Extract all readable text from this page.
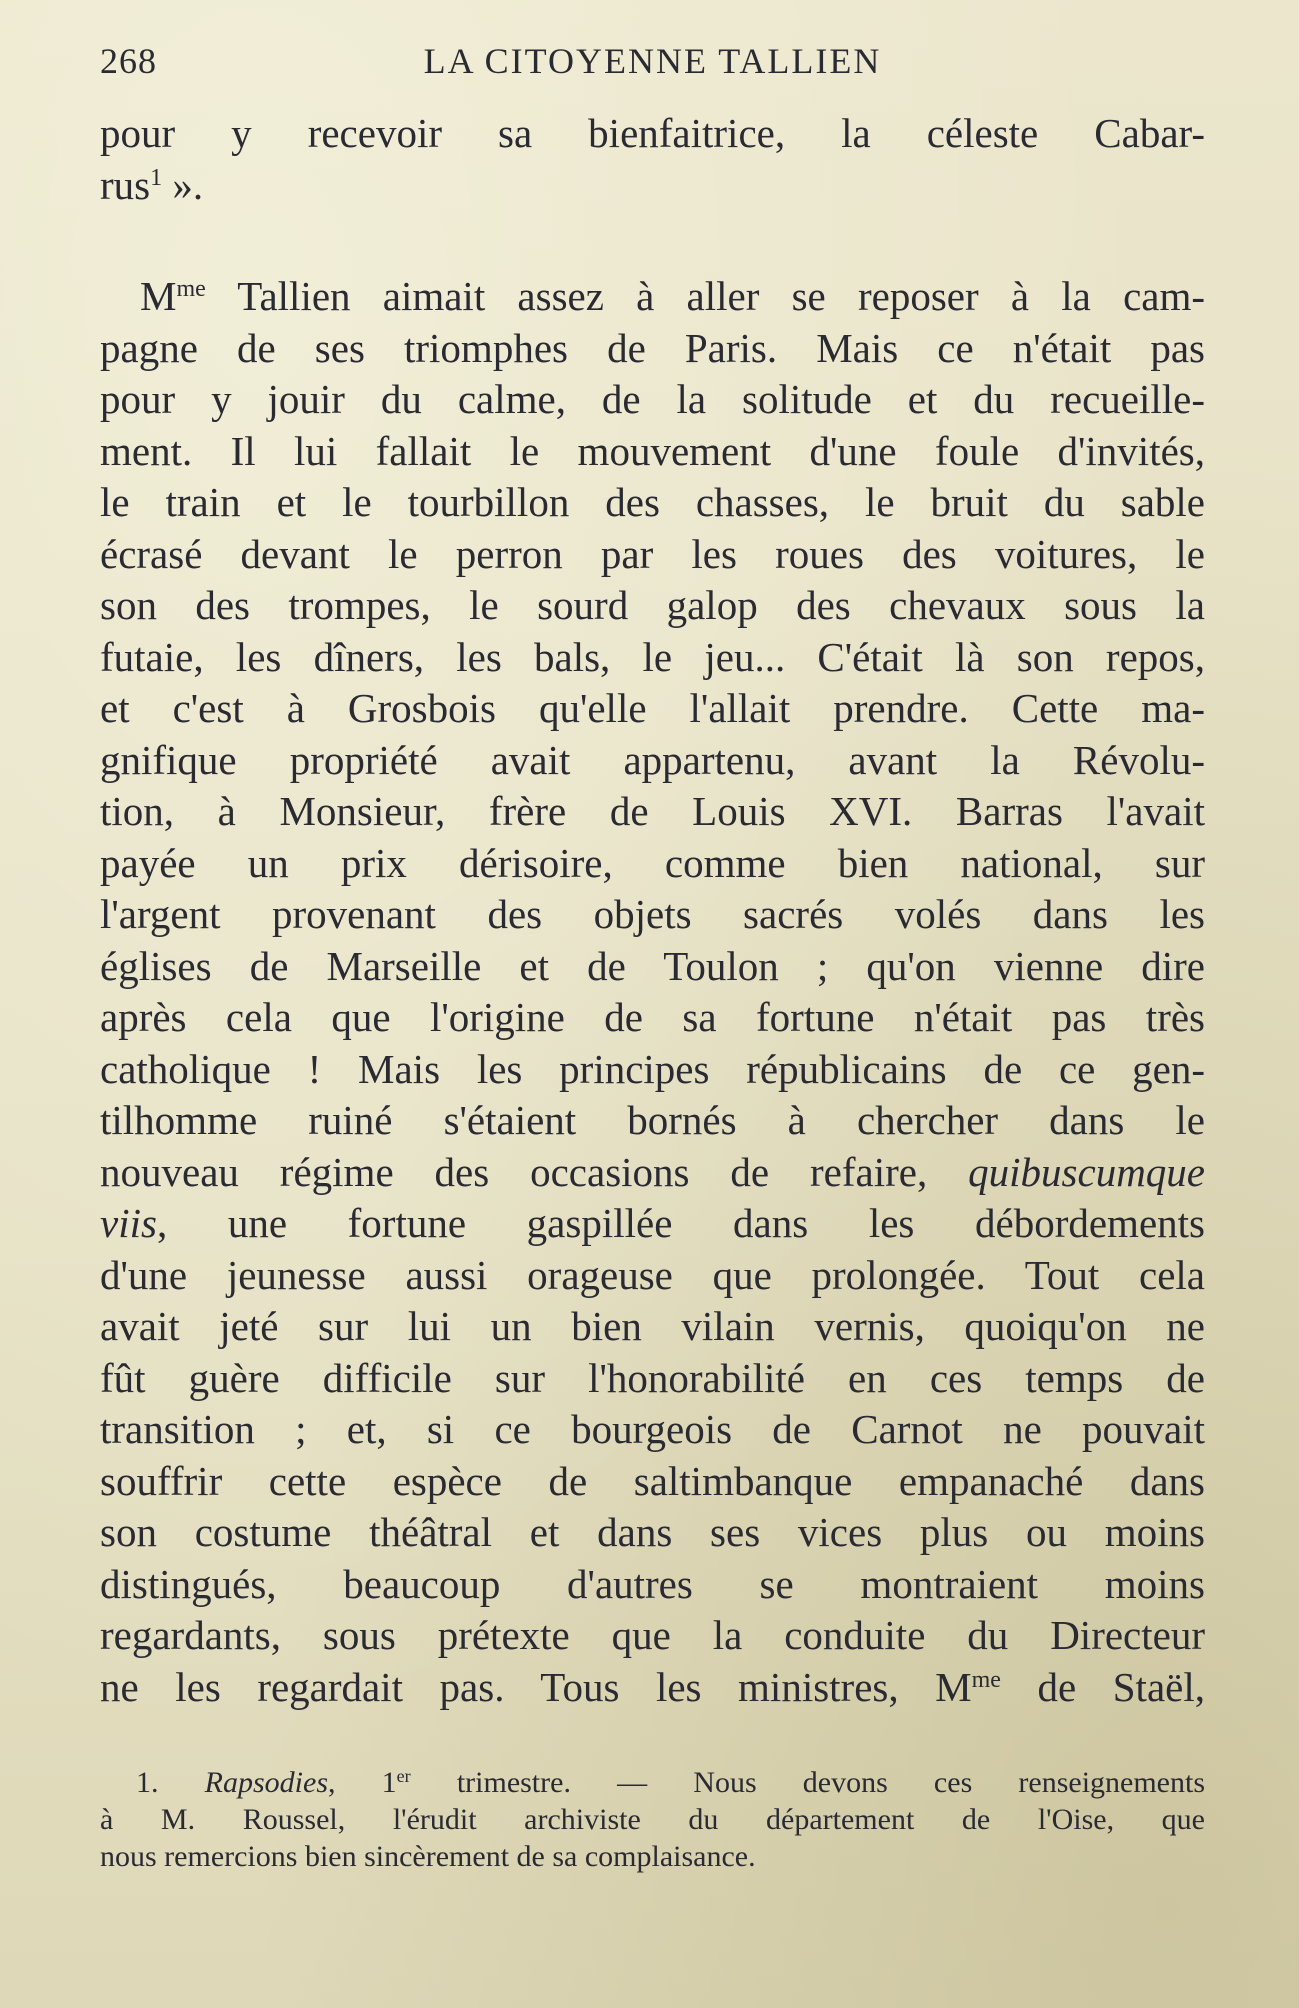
268	LA CITOYENNE TALLIEN
pour y recevoir sa bienfaitrice, la céleste Cabar-
rus$^1$ ».
$M^{me}$ Tallien aimait assez à aller se reposer à la cam-
pagne de ses triomphes de Paris. Mais ce n'était pas
pour y jouir du calme, de la solitude et du recueille-
ment. Il lui fallait le mouvement d'une foule d'invités,
le train et le tourbillon des chasses, le bruit du sable
écrasé devant le perron par les roues des voitures, le
son des trompes, le sourd galop des chevaux sous la
futaie, les dîners, les bals, le jeu... C'était là son repos,
et c'est à Grosbois qu'elle l'allait prendre. Cette ma-
gnifique propriété avait appartenu, avant la Révolu-
tion, à Monsieur, frère de Louis XVI. Barras l'avait
payée un prix dérisoire, comme bien national, sur
l'argent provenant des objets sacrés volés dans les
églises de Marseille et de Toulon ; qu'on vienne dire
après cela que l'origine de sa fortune n'était pas très
catholique ! Mais les principes républicains de ce gen-
tilhomme ruiné s'étaient bornés à chercher dans le
nouveau régime des occasions de refaire, quibuscumque
viis, une fortune gaspillée dans les débordements
d'une jeunesse aussi orageuse que prolongée. Tout cela
avait jeté sur lui un bien vilain vernis, quoiqu'on ne
fût guère difficile sur l'honorabilité en ces temps de
transition ; et, si ce bourgeois de Carnot ne pouvait
souffrir cette espèce de saltimbanque empanaché dans
son costume théâtral et dans ses vices plus ou moins
distingués, beaucoup d'autres se montraient moins
regardants, sous prétexte que la conduite du Directeur
ne les regardait pas. Tous les ministres, $M^{me}$ de Staël,
1. Rapsodies, 1er trimestre. — Nous devons ces renseignements
à M. Roussel, l'érudit archiviste du département de l'Oise, que
nous remercions bien sincèrement de sa complaisance.
